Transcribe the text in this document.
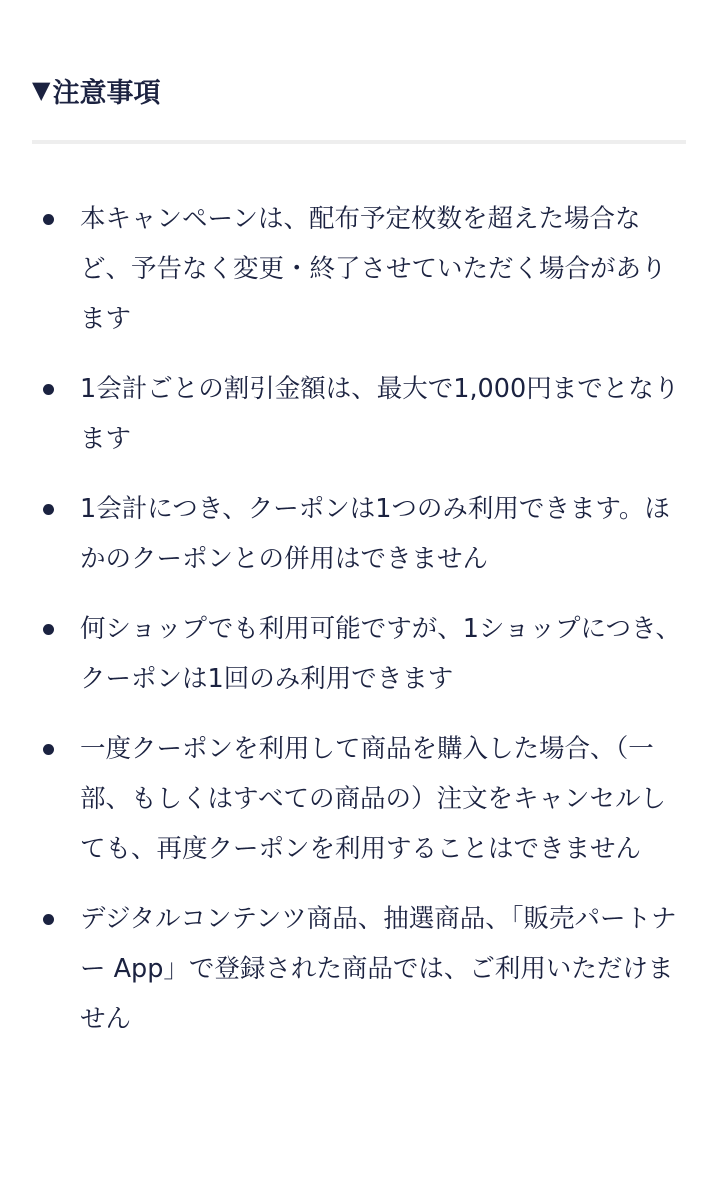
▼ 注意事項
本キャンペーンは、配布予定枚数を超えた場合など、予告なく変更・終了させていただく場合があります
1会計ごとの割引金額は、最大で1,000円までとなります
1会計につき、クーポンは1つのみ利用できます。ほかのクーポンとの併用はできません
何ショップでも利用可能ですが、1ショップにつき、クーポンは1回のみ利用できます
一度クーポンを利用して商品を購入した場合、（一部、もしくはすべての商品の）注文をキャンセルしても、再度クーポンを利用することはできません
デジタルコンテンツ商品、抽選商品、「販売パートナー App」で登録された商品では、ご利用いただけません
